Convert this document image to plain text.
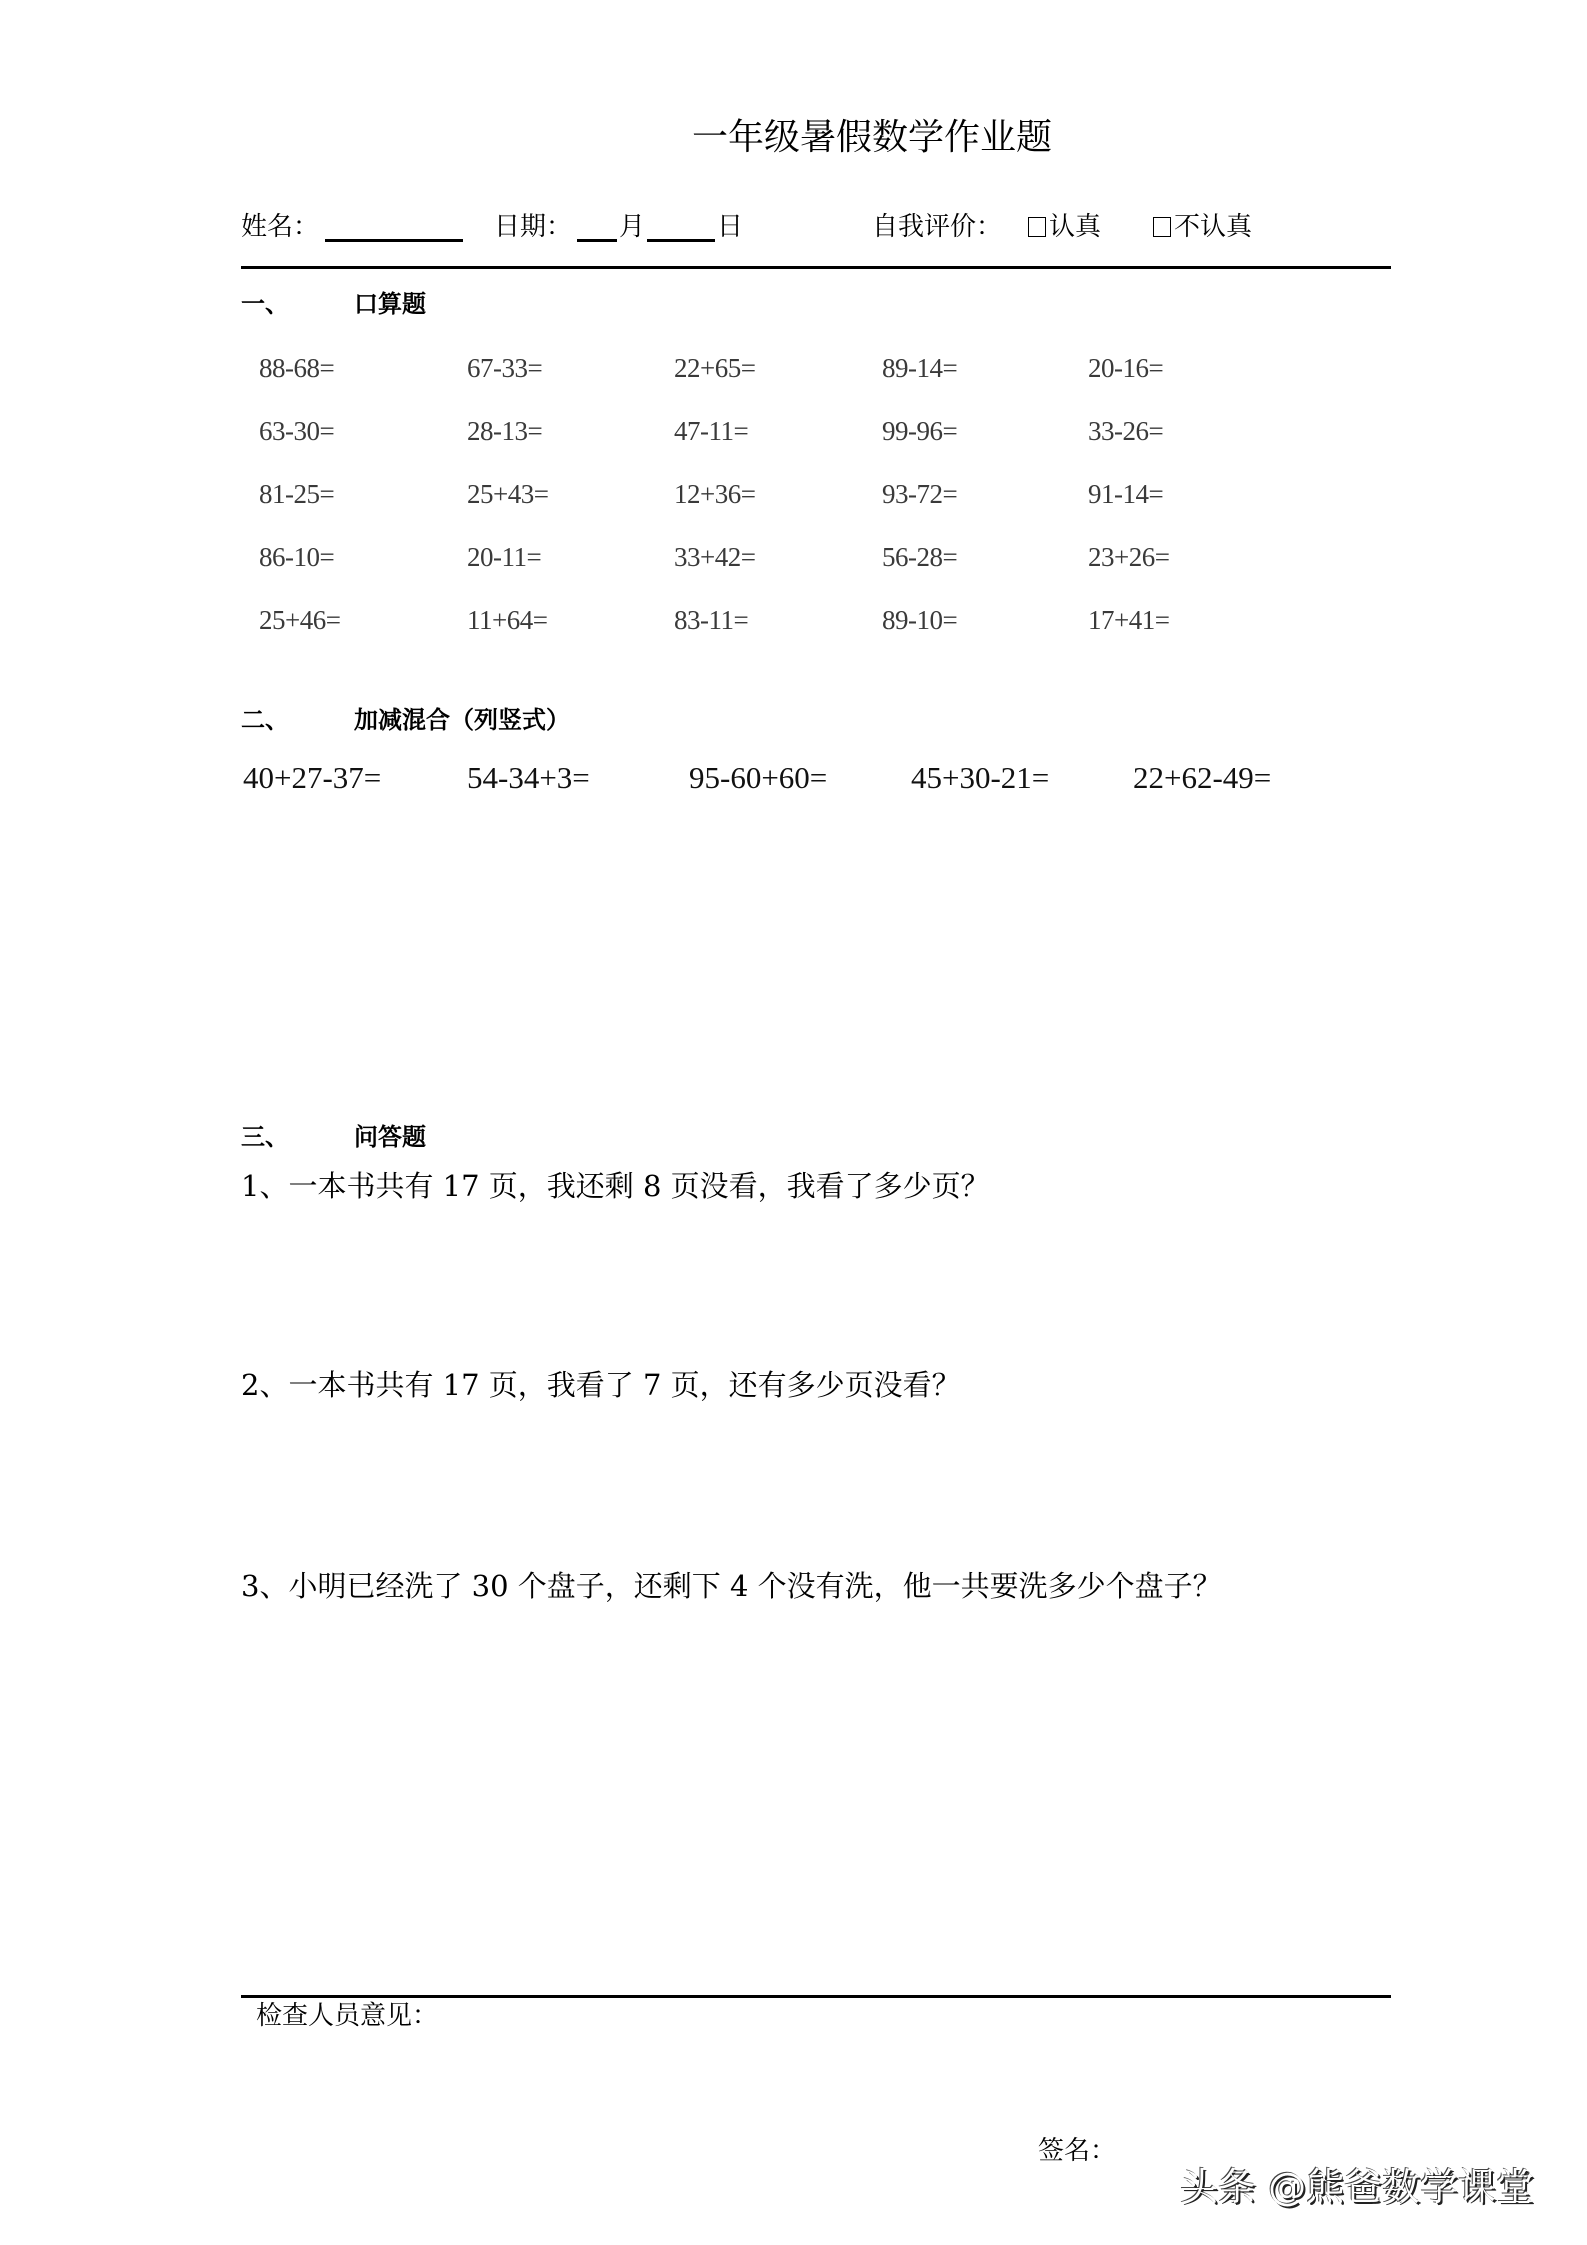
一年级暑假数学作业题
姓名：	日期： 月	日	自我评价：	认真	不认真
一、	口算题
88-68=	67-33=	22+65=	89-14=	20-16=
63-30=	28-13=	47-11=	99-96=	33-26=
81-25=	25+43=	12+36=	93-72=	91-14=
86-10=	20-11=	33+42=	56-28=	23+26=
25+46=	11+64=	83-11=	89-10=	17+41=
二、	加减混合（列竖式）
40+27-37=	54-34+3=	95-60+60=	45+30-21=	22+62-49=
三、	问答题
1、一本书共有 17 页，我还剩 8 页没看，我看了多少页？
2、一本书共有 17 页，我看了 7 页，还有多少页没看？
3、小明已经洗了 30 个盘子，还剩下 4 个没有洗，他一共要洗多少个盘子？
检查人员意见：
签名：
头条 @熊爸数学课堂
